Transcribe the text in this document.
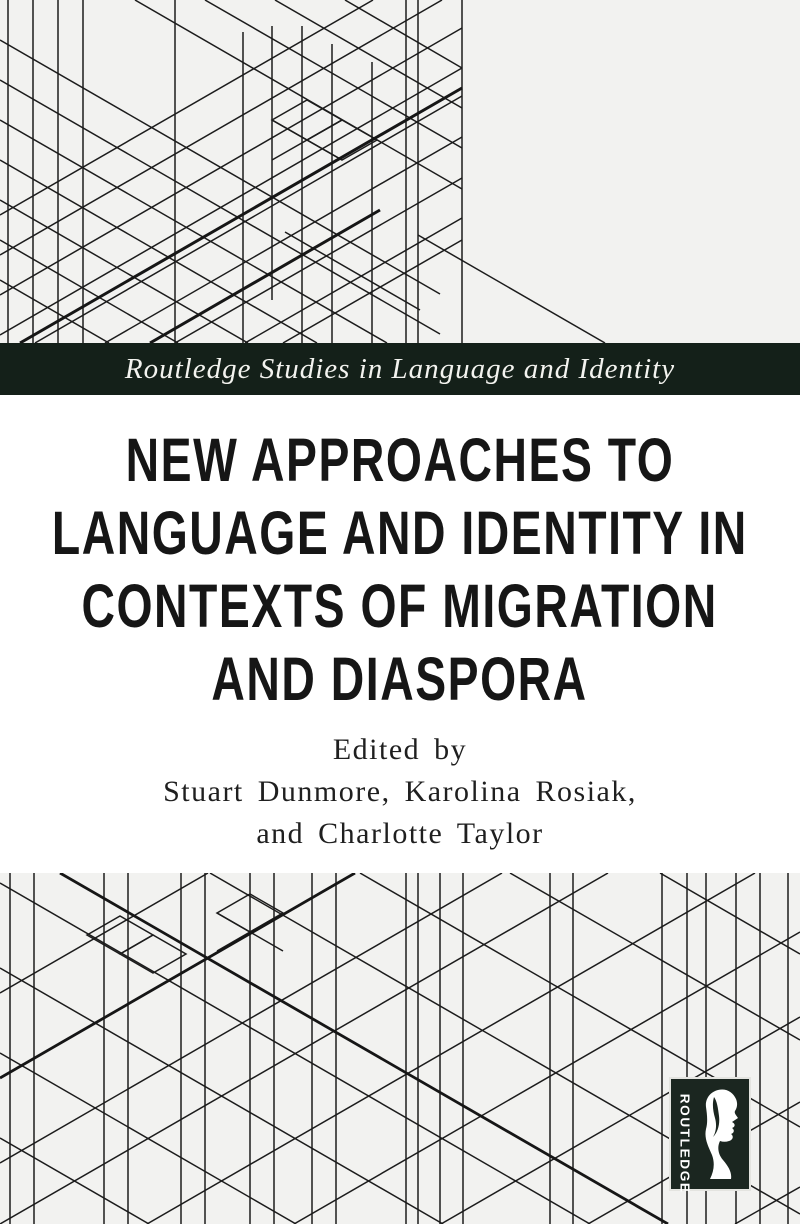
Routledge Studies in Language and Identity
NEW APPROACHES TO
LANGUAGE AND IDENTITY IN
CONTEXTS OF MIGRATION
AND DIASPORA
Edited by
Stuart Dunmore, Karolina Rosiak,
and Charlotte Taylor
ROUTLEDGE
